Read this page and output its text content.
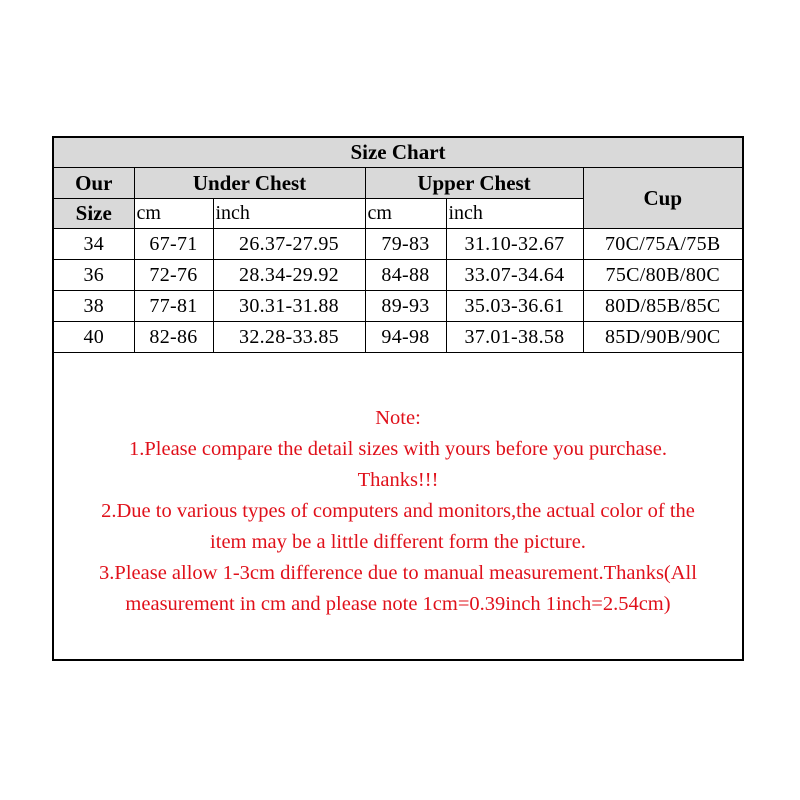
Size Chart					
Our	Under Chest		Upper Chest		Cup
Size	cm	inch	cm	inch	
34	67-71	26.37-27.95	79-83	31.10-32.67	70C/75A/75B
36	72-76	28.34-29.92	84-88	33.07-34.64	75C/80B/80C
38	77-81	30.31-31.88	89-93	35.03-36.61	80D/85B/85C
40	82-86	32.28-33.85	94-98	37.01-38.58	85D/90B/90C
Note:
1.Please compare the detail sizes with yours before you purchase.
Thanks!!!
2.Due to various types of computers and monitors,the actual color of the
item may be a little different form the picture.
3.Please allow 1-3cm difference due to manual measurement.Thanks(All
measurement in cm and please note 1cm=0.39inch 1inch=2.54cm)
